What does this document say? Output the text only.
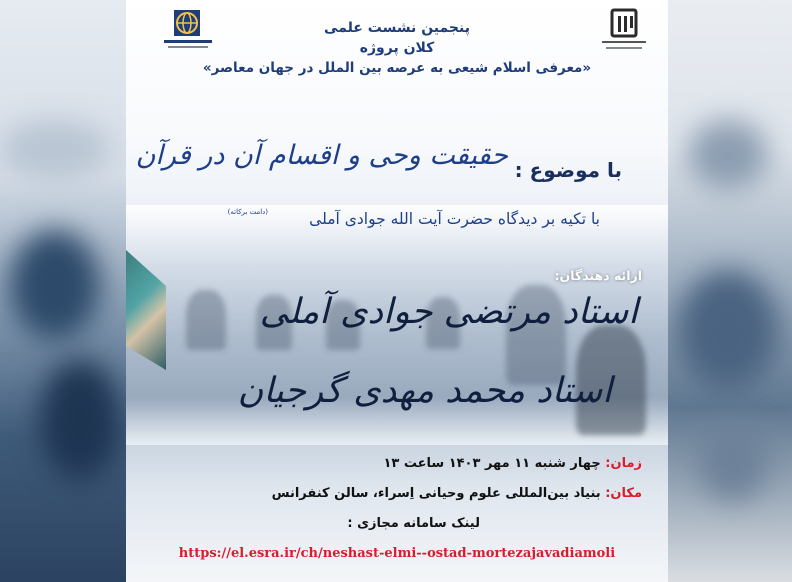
پنجمین نشست علمی
کلان پروژه
«معرفی اسلام شیعی به عرصه بین الملل در جهان معاصر»
حقیقت وحی و اقسام آن در قرآن با موضوع :
با تکیه بر دیدگاه حضرت آیت الله جوادی آملی
(دامت برکاته)
ارائه دهندگان:
استاد مرتضی جوادی آملی
استاد محمد مهدی گرجیان
زمان: چهار شنبه ۱۱ مهر ۱۴۰۳ ساعت ۱۳
مکان: بنیاد بین‌المللی علوم وحیانی اِسراء، سالن کنفرانس
لینک سامانه مجازی :
https://el.esra.ir/ch/neshast-elmi--ostad-mortezajavadiamoli
